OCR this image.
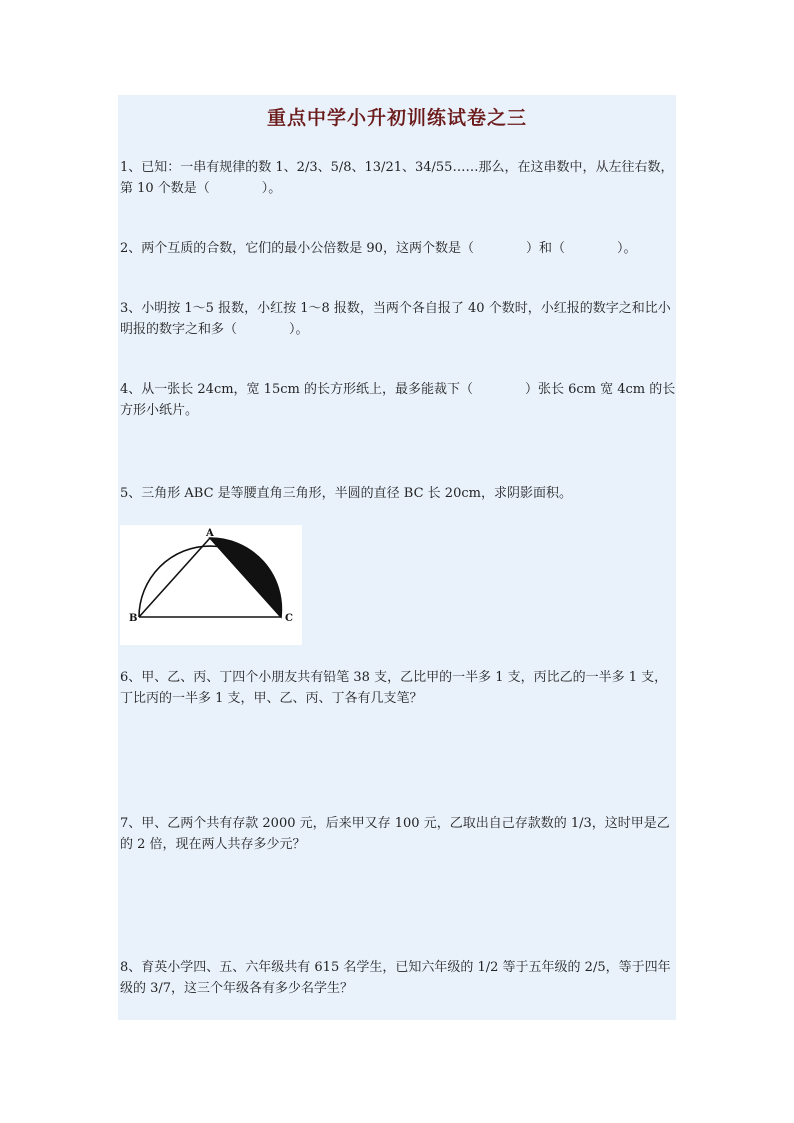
重点中学小升初训练试卷之三
1、已知：一串有规律的数 1、2/3、5/8、13/21、34/55……那么，在这串数中，从左往右数，第 10 个数是（　　　　）。
2、两个互质的合数，它们的最小公倍数是 90，这两个数是（　　　　）和（　　　　）。
3、小明按 1～5 报数，小红按 1～8 报数，当两个各自报了 40 个数时，小红报的数字之和比小明报的数字之和多（　　　　）。
4、从一张长 24cm，宽 15cm 的长方形纸上，最多能裁下（　　　　）张长 6cm 宽 4cm 的长方形小纸片。
5、三角形 ABC 是等腰直角三角形，半圆的直径 BC 长 20cm，求阴影面积。
A
B	C
6、甲、乙、丙、丁四个小朋友共有铅笔 38 支，乙比甲的一半多 1 支，丙比乙的一半多 1 支，丁比丙的一半多 1 支，甲、乙、丙、丁各有几支笔？
7、甲、乙两个共有存款 2000 元，后来甲又存 100 元，乙取出自己存款数的 1/3，这时甲是乙的 2 倍，现在两人共存多少元？
8、育英小学四、五、六年级共有 615 名学生，已知六年级的 1/2 等于五年级的 2/5，等于四年级的 3/7，这三个年级各有多少名学生？
